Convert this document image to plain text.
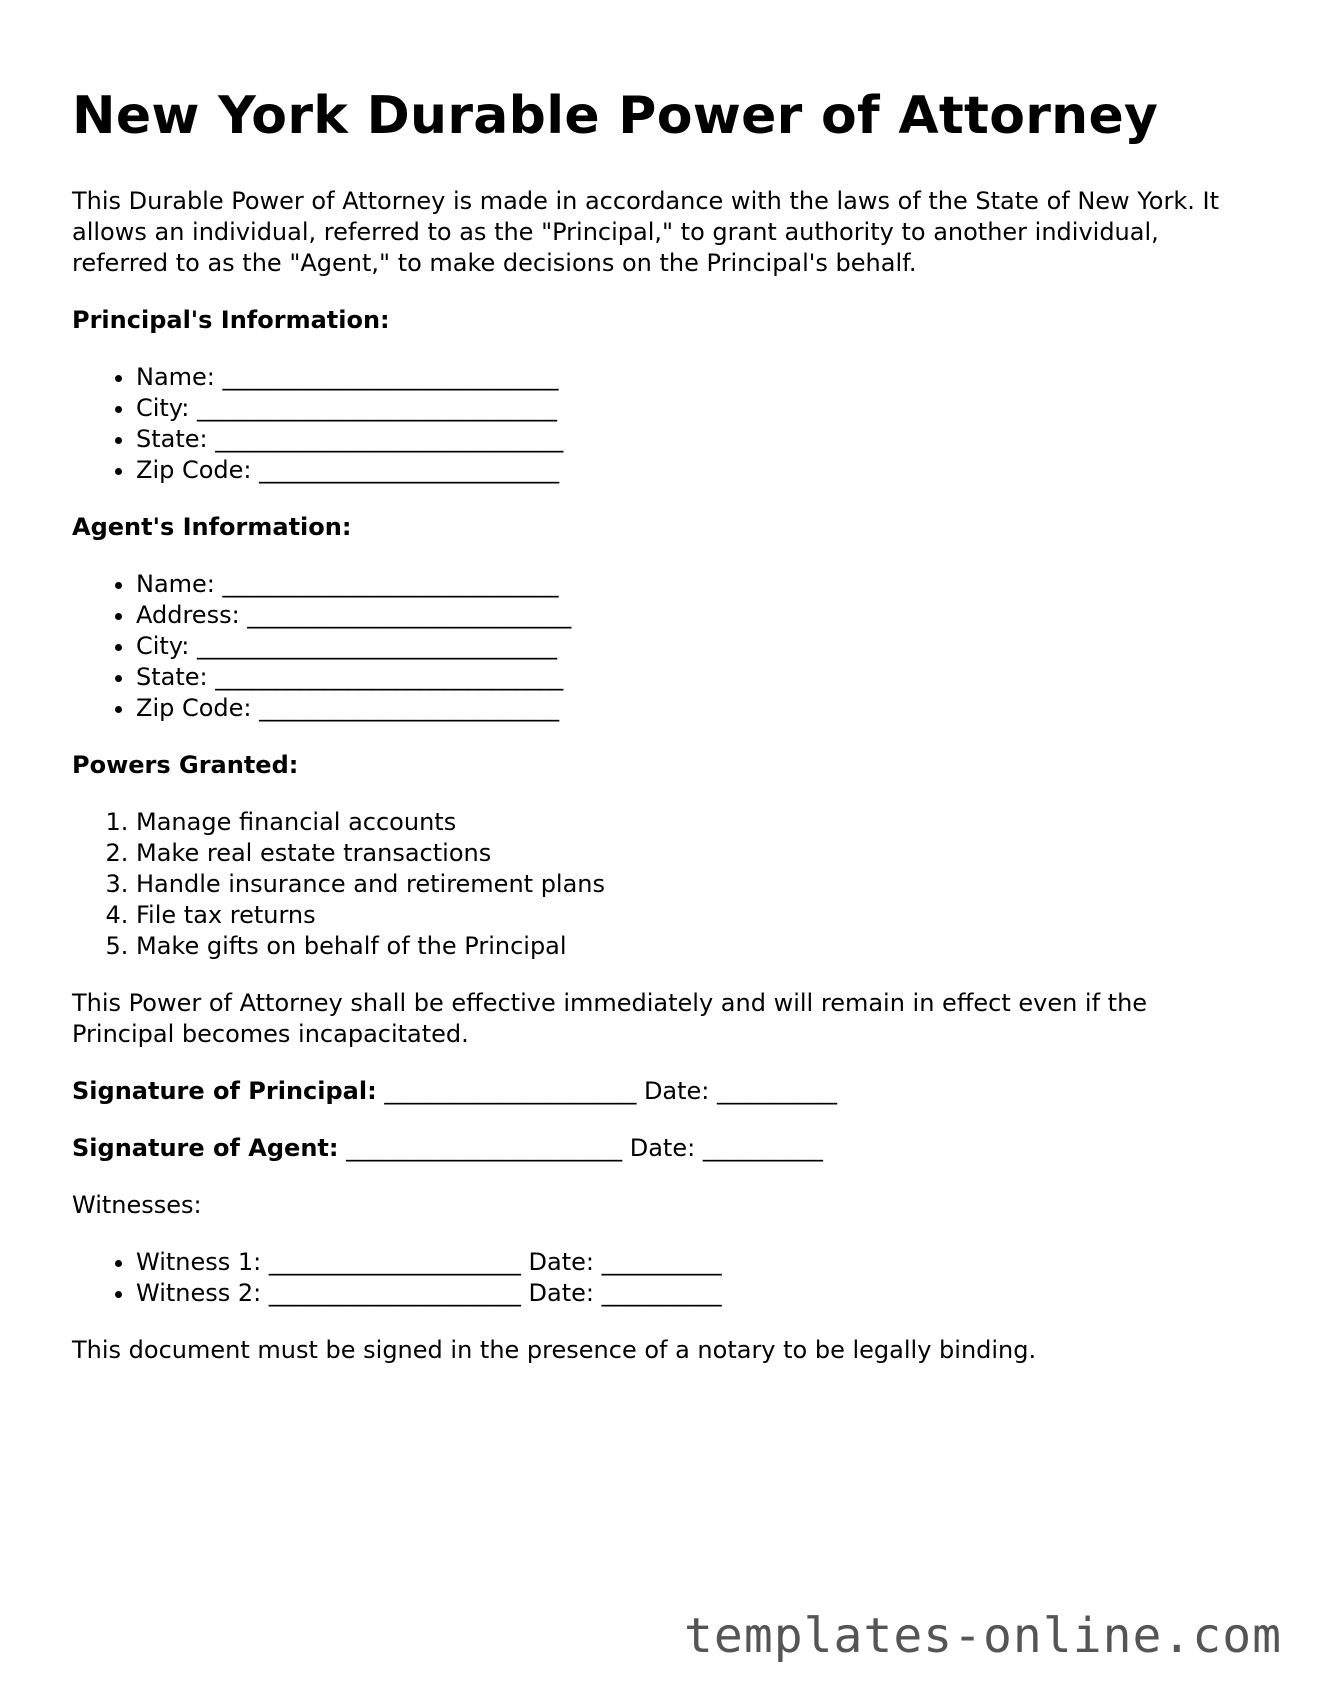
New York Durable Power of Attorney

This Durable Power of Attorney is made in accordance with the laws of the State of New York. It allows an individual, referred to as the "Principal," to grant authority to another individual, referred to as the "Agent," to make decisions on the Principal's behalf.

Principal's Information:
• Name: ____________________________
• City: ______________________________
• State: _____________________________
• Zip Code: _________________________
Agent's Information:
• Name: ____________________________
• Address: ___________________________
• City: ______________________________
• State: _____________________________
• Zip Code: _________________________
Powers Granted:
1. Manage financial accounts
2. Make real estate transactions
3. Handle insurance and retirement plans
4. File tax returns
5. Make gifts on behalf of the Principal

This Power of Attorney shall be effective immediately and will remain in effect even if the Principal becomes incapacitated.

Signature of Principal: _____________________ Date: __________
Signature of Agent: _______________________ Date: __________

Witnesses:

• Witness 1: _____________________ Date: __________
• Witness 2: _____________________ Date: __________

This document must be signed in the presence of a notary to be legally binding.

templates-online.com
